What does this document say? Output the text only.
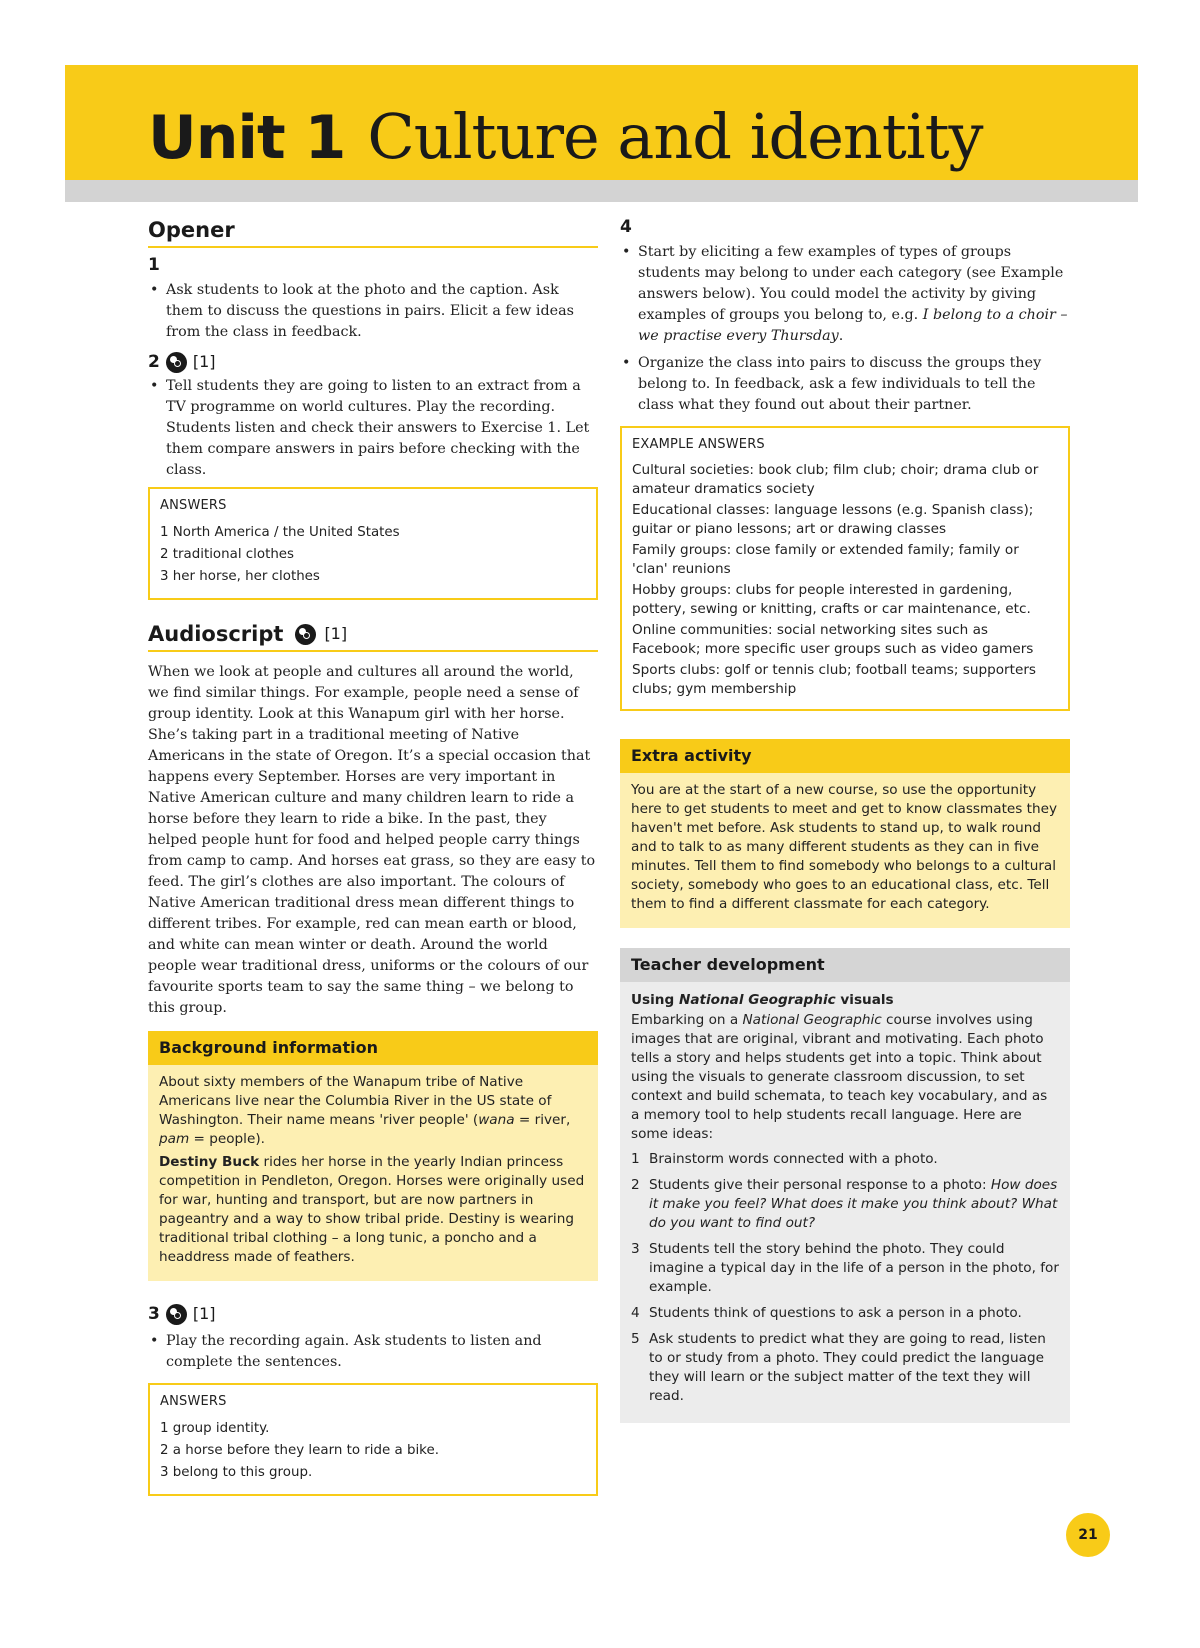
Unit 1 Culture and identity
Opener
1
• Ask students to look at the photo and the caption. Ask them to discuss the questions in pairs. Elicit a few ideas from the class in feedback.
2 [1]
• Tell students they are going to listen to an extract from a TV programme on world cultures. Play the recording. Students listen and check their answers to Exercise 1. Let them compare answers in pairs before checking with the class.
ANSWERS
1 North America / the United States
2 traditional clothes
3 her horse, her clothes
Audioscript	[1]

When we look at people and cultures all around the world, we find similar things. For example, people need a sense of group identity. Look at this Wanapum girl with her horse. She’s taking part in a traditional meeting of Native Americans in the state of Oregon. It’s a special occasion that happens every September. Horses are very important in Native American culture and many children learn to ride a horse before they learn to ride a bike. In the past, they helped people hunt for food and helped people carry things from camp to camp. And horses eat grass, so they are easy to feed. The girl’s clothes are also important. The colours of Native American traditional dress mean different things to different tribes. For example, red can mean earth or blood, and white can mean winter or death. Around the world people wear traditional dress, uniforms or the colours of our favourite sports team to say the same thing – we belong to this group.

Background information

About sixty members of the Wanapum tribe of Native Americans live near the Columbia River in the US state of Washington. Their name means 'river people' (wana = river, pam = people).

Destiny Buck rides her horse in the yearly Indian princess competition in Pendleton, Oregon. Horses were originally used for war, hunting and transport, but are now partners in pageantry and a way to show tribal pride. Destiny is wearing traditional tribal clothing – a long tunic, a poncho and a headdress made of feathers.

3 [1]
• Play the recording again. Ask students to listen and complete the sentences.
ANSWERS
1 group identity.
2 a horse before they learn to ride a bike.
3 belong to this group.
4
• Start by eliciting a few examples of types of groups students may belong to under each category (see Example answers below). You could model the activity by giving examples of groups you belong to, e.g. I belong to a choir – we practise every Thursday.
• Organize the class into pairs to discuss the groups they belong to. In feedback, ask a few individuals to tell the class what they found out about their partner.
EXAMPLE ANSWERS
Cultural societies: book club; film club; choir; drama club or amateur dramatics society
Educational classes: language lessons (e.g. Spanish class); guitar or piano lessons; art or drawing classes
Family groups: close family or extended family; family or 'clan' reunions
Hobby groups: clubs for people interested in gardening, pottery, sewing or knitting, crafts or car maintenance, etc.
Online communities: social networking sites such as Facebook; more specific user groups such as video gamers
Sports clubs: golf or tennis club; football teams; supporters clubs; gym membership
Extra activity

You are at the start of a new course, so use the opportunity here to get students to meet and get to know classmates they haven't met before. Ask students to stand up, to walk round and to talk to as many different students as they can in five minutes. Tell them to find somebody who belongs to a cultural society, somebody who goes to an educational class, etc. Tell them to find a different classmate for each category.

Teacher development
Using National Geographic visuals

Embarking on a National Geographic course involves using images that are original, vibrant and motivating. Each photo tells a story and helps students get into a topic. Think about using the visuals to generate classroom discussion, to set context and build schemata, to teach key vocabulary, and as a memory tool to help students recall language. Here are some ideas:

1 Brainstorm words connected with a photo.
2 Students give their personal response to a photo: How does it make you feel? What does it make you think about? What do you want to find out?
3 Students tell the story behind the photo. They could imagine a typical day in the life of a person in the photo, for example.
4 Students think of questions to ask a person in a photo.
5 Ask students to predict what they are going to read, listen to or study from a photo. They could predict the language they will learn or the subject matter of the text they will read.
21
